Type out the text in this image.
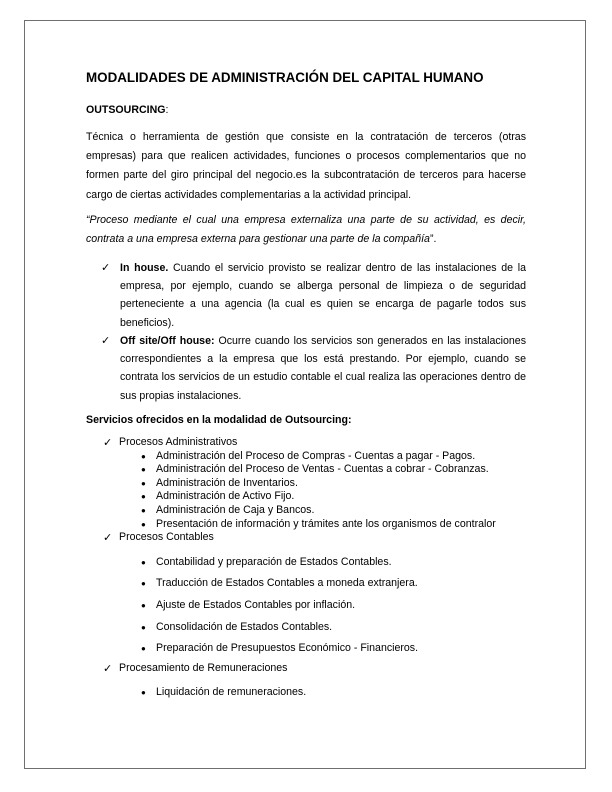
MODALIDADES DE ADMINISTRACIÓN DEL CAPITAL HUMANO
OUTSOURCING:

Técnica o herramienta de gestión que consiste en la contratación de terceros (otras empresas) para que realicen actividades, funciones o procesos complementarios que no formen parte del giro principal del negocio.es la subcontratación de terceros para hacerse cargo de ciertas actividades complementarias a la actividad principal.

“Proceso mediante el cual una empresa externaliza una parte de su actividad, es decir, contrata a una empresa externa para gestionar una parte de la compañía”.

✓ In house. Cuando el servicio provisto se realizar dentro de las instalaciones de la empresa, por ejemplo, cuando se alberga personal de limpieza o de seguridad perteneciente a una agencia (la cual es quien se encarga de pagarle todos sus beneficios).
✓ Off site/Off house: Ocurre cuando los servicios son generados en las instalaciones correspondientes a la empresa que los está prestando. Por ejemplo, cuando se contrata los servicios de un estudio contable el cual realiza las operaciones dentro de sus propias instalaciones.
Servicios ofrecidos en la modalidad de Outsourcing:
✓ Procesos Administrativos
● Administración del Proceso de Compras - Cuentas a pagar - Pagos.
● Administración del Proceso de Ventas - Cuentas a cobrar - Cobranzas.
● Administración de Inventarios.
● Administración de Activo Fijo.
● Administración de Caja y Bancos.
● Presentación de información y trámites ante los organismos de contralor
✓ Procesos Contables
● Contabilidad y preparación de Estados Contables.
● Traducción de Estados Contables a moneda extranjera.
● Ajuste de Estados Contables por inflación.
● Consolidación de Estados Contables.
● Preparación de Presupuestos Económico - Financieros.
✓ Procesamiento de Remuneraciones
● Liquidación de remuneraciones.
